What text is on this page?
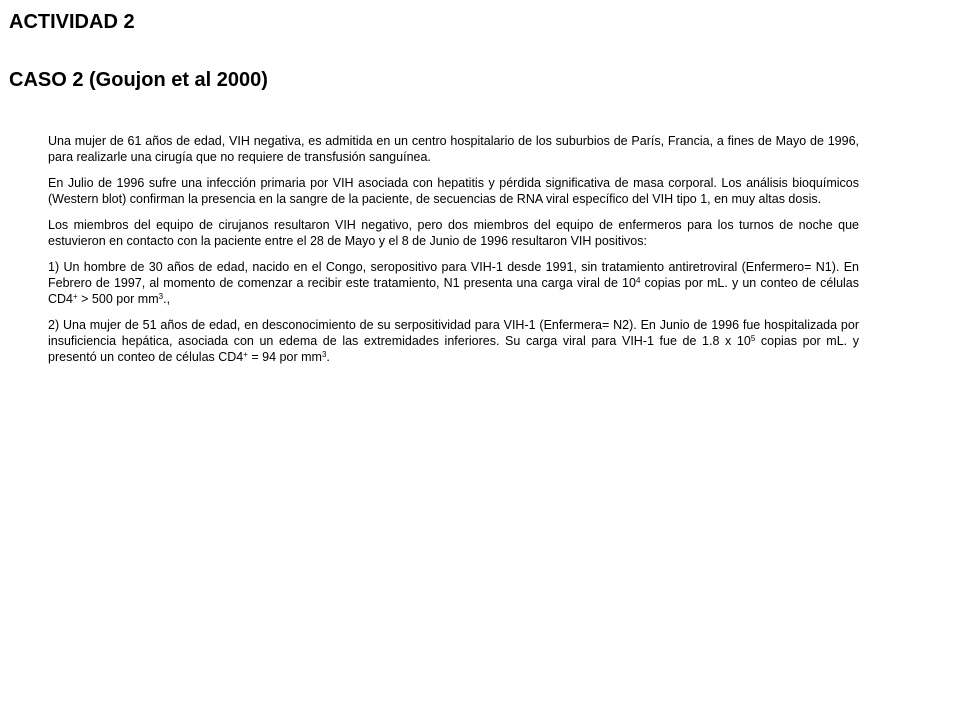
ACTIVIDAD 2
CASO 2 (Goujon et al 2000)

Una mujer de 61 años de edad, VIH negativa, es admitida en un centro hospitalario de los suburbios de París, Francia, a fines de Mayo de 1996, para realizarle una cirugía que no requiere de transfusión sanguínea.

En Julio de 1996 sufre una infección primaria por VIH asociada con hepatitis y pérdida significativa de masa corporal. Los análisis bioquímicos (Western blot) confirman la presencia en la sangre de la paciente, de secuencias de RNA viral específico del VIH tipo 1, en muy altas dosis.

Los miembros del equipo de cirujanos resultaron VIH negativo, pero dos miembros del equipo de enfermeros para los turnos de noche que estuvieron en contacto con la paciente entre el 28 de Mayo y el 8 de Junio de 1996 resultaron VIH positivos:

1) Un hombre de 30 años de edad, nacido en el Congo, seropositivo para VIH-1 desde 1991, sin tratamiento antiretroviral (Enfermero= N1). En Febrero de 1997, al momento de comenzar a recibir este tratamiento, N1 presenta una carga viral de $10^4$ copias por mL. y un conteo de células CD4+ > 500 por $mm^3$.,

2) Una mujer de 51 años de edad, en desconocimiento de su serpositividad para VIH-1 (Enfermera= N2). En Junio de 1996 fue hospitalizada por insuficiencia hepática, asociada con un edema de las extremidades inferiores. Su carga viral para VIH-1 fue de 1.8 x $10^5$ copias por mL. y presentó un conteo de células CD4+ = 94 por $mm^3$.
